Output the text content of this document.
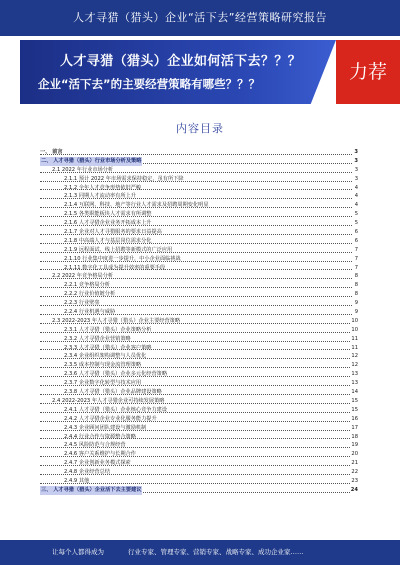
人才寻猎（猎头）企业“活下去”经营策略研究报告
人才寻猎（猎头）企业如何活下去？？？
企业“活下去”的主要经营策略有哪些？？？
力荐
内容目录
一、 前言	3
二、 人才寻猎（猎头）行业市场分析及策略	3
2.1 2022 年行业市场分析	3
2.1.1 预计 2022 年市场需求保持稳定，虽有所下降	3
2.1.2 全年人才竞争形势依旧严峻	4
2.1.3 同期人才流动率有所上升	4
2.1.4 互联网、科技、地产等行业人才需求及招聘周期变化明显	4
2.1.5 各类职能板块人才需求有所调整	5
2.1.6 人才寻猎企业业务开拓成本上升	5
2.1.7 企业对人才寻猎服务的要求日益提高	6
2.1.8 中高端人才与基层岗位需求分化	6
2.1.9 远程面试、线上招聘等新模式的广泛应用	7
2.1.10 行业集中度进一步提升，中小企业面临挑战	7
2.1.11 数字化工具成为提升效率的重要手段	7
2.2 2022 年竞争格局分析	8
2.2.1 竞争格局分析	8
2.2.2 行业价值链分析	8
2.2.3 行业壁垒	9
2.2.4 行业机遇与威胁	9
2.3 2022-2023 年人才寻猎（猎头）企业主要经营策略	10
2.3.1 人才寻猎（猎头）企业策略分析	10
2.3.2 人才寻猎企业营销策略	11
2.3.3 人才寻猎（猎头）企业客户策略	11
2.3.4 企业组织架构调整与人员优化	12
2.3.5 成本控制与现金流管理策略	12
2.3.6 人才寻猎（猎头）企业多元化经营策略	13
2.3.7 企业数字化转型与技术应用	13
2.3.8 人才寻猎（猎头）企业品牌建设策略	14
2.4 2022-2023 年人才寻猎企业可持续发展策略	15
2.4.1 人才寻猎（猎头）企业核心竞争力建设	15
2.4.2 人才寻猎企业专业化服务能力提升	16
2.4.3 企业顾问团队建设与激励机制	17
2.4.4 行业合作与资源整合策略	18
2.4.5 风险防范与合规经营	19
2.4.6 客户关系维护与长期合作	20
2.4.7 企业创新业务模式探索	21
2.4.8 企业经营总结	22
2.4.9 其他	23
三、 人才寻猎（猎头）企业活下去主要建议	24
让每个人都得成为	行业专家、管理专家、营销专家、战略专家、成功企业家……
